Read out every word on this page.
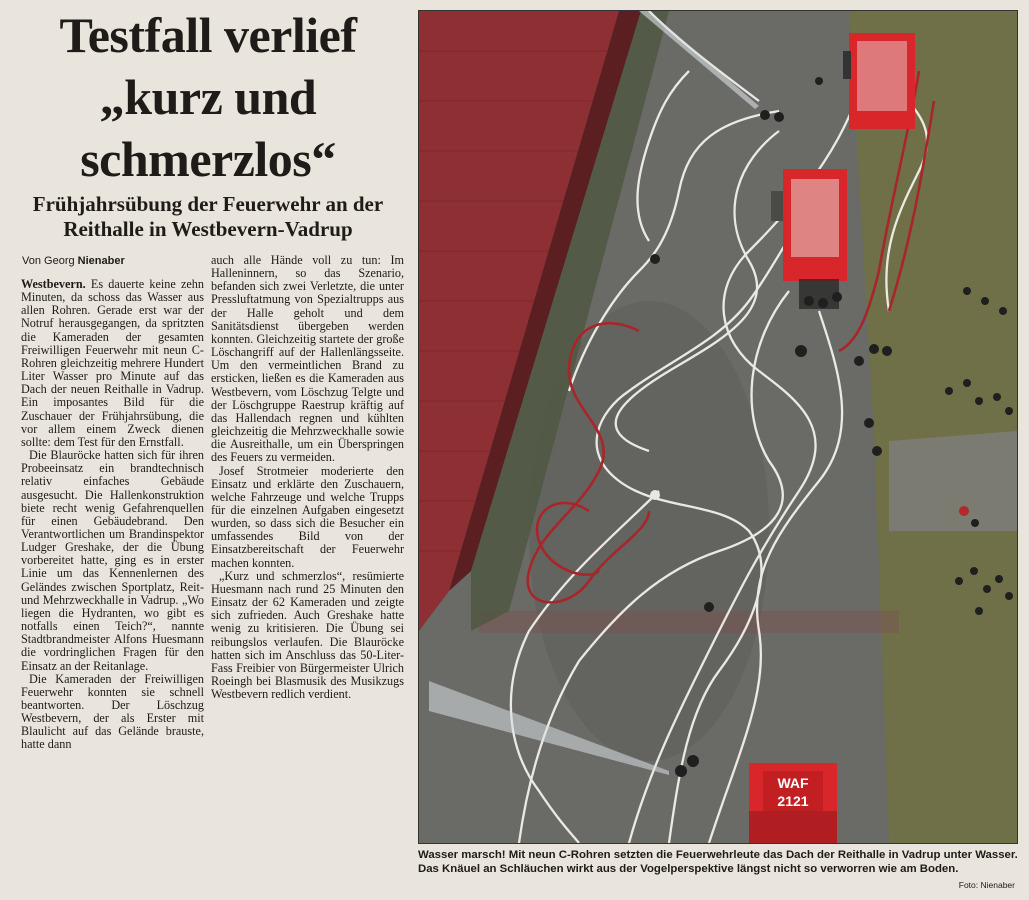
Testfall verlief
„kurz und
schmerzlos“
Frühjahrsübung der Feuerwehr an der
Reithalle in Westbevern-Vadrup
Von Georg Nienaber

Westbevern. Es dauerte keine zehn Minuten, da schoss das Wasser aus allen Rohren. Gerade erst war der Notruf herausgegangen, da spritzten die Kameraden der gesamten Freiwilligen Feuerwehr mit neun C-Rohren gleichzeitig mehrere Hundert Liter Wasser pro Minute auf das Dach der neuen Reithalle in Vadrup. Ein imposantes Bild für die Zuschauer der Frühjahrsübung, die vor allem einem Zweck dienen sollte: dem Test für den Ernstfall.

Die Blauröcke hatten sich für ihren Probeeinsatz ein brandtechnisch relativ einfaches Gebäude ausgesucht. Die Hallenkonstruktion biete recht wenig Gefahrenquellen für einen Gebäudebrand. Den Verantwortlichen um Brandinspektor Ludger Greshake, der die Übung vorbereitet hatte, ging es in erster Linie um das Kennenlernen des Geländes zwischen Sportplatz, Reit- und Mehrzweckhalle in Vadrup. „Wo liegen die Hydranten, wo gibt es notfalls einen Teich?“, nannte Stadtbrandmeister Alfons Huesmann die vordringlichen Fragen für den Einsatz an der Reitanlage.

Die Kameraden der Freiwilligen Feuerwehr konnten sie schnell beantworten. Der Löschzug Westbevern, der als Erster mit Blaulicht auf das Gelände brauste, hatte dann

auch alle Hände voll zu tun: Im Halleninnern, so das Szenario, befanden sich zwei Verletzte, die unter Pressluftatmung von Spezialtrupps aus der Halle geholt und dem Sanitätsdienst übergeben werden konnten. Gleichzeitig startete der große Löschangriff auf der Hallenlängsseite. Um den vermeintlichen Brand zu ersticken, ließen es die Kameraden aus Westbevern, vom Löschzug Telgte und der Löschgruppe Raestrup kräftig auf das Hallendach regnen und kühlten gleichzeitig die Mehrzweckhalle sowie die Ausreithalle, um ein Überspringen des Feuers zu vermeiden.

Josef Strotmeier moderierte den Einsatz und erklärte den Zuschauern, welche Fahrzeuge und welche Trupps für die einzelnen Aufgaben eingesetzt wurden, so dass sich die Besucher ein umfassendes Bild von der Einsatzbereitschaft der Feuerwehr machen konnten.

„Kurz und schmerzlos“, resümierte Huesmann nach rund 25 Minuten den Einsatz der 62 Kameraden und zeigte sich zufrieden. Auch Greshake hatte wenig zu kritisieren. Die Übung sei reibungslos verlaufen. Die Blauröcke hatten sich im Anschluss das 50-Liter-Fass Freibier von Bürgermeister Ulrich Roeingh bei Blasmusik des Musikzugs Westbevern redlich verdient.

WAF
2121
Wasser marsch! Mit neun C-Rohren setzten die Feuerwehrleute das Dach der Reithalle in Vadrup unter Wasser. Das Knäuel an Schläuchen wirkt aus der Vogelperspektive längst nicht so verworren wie am Boden.
Foto: Nienaber
